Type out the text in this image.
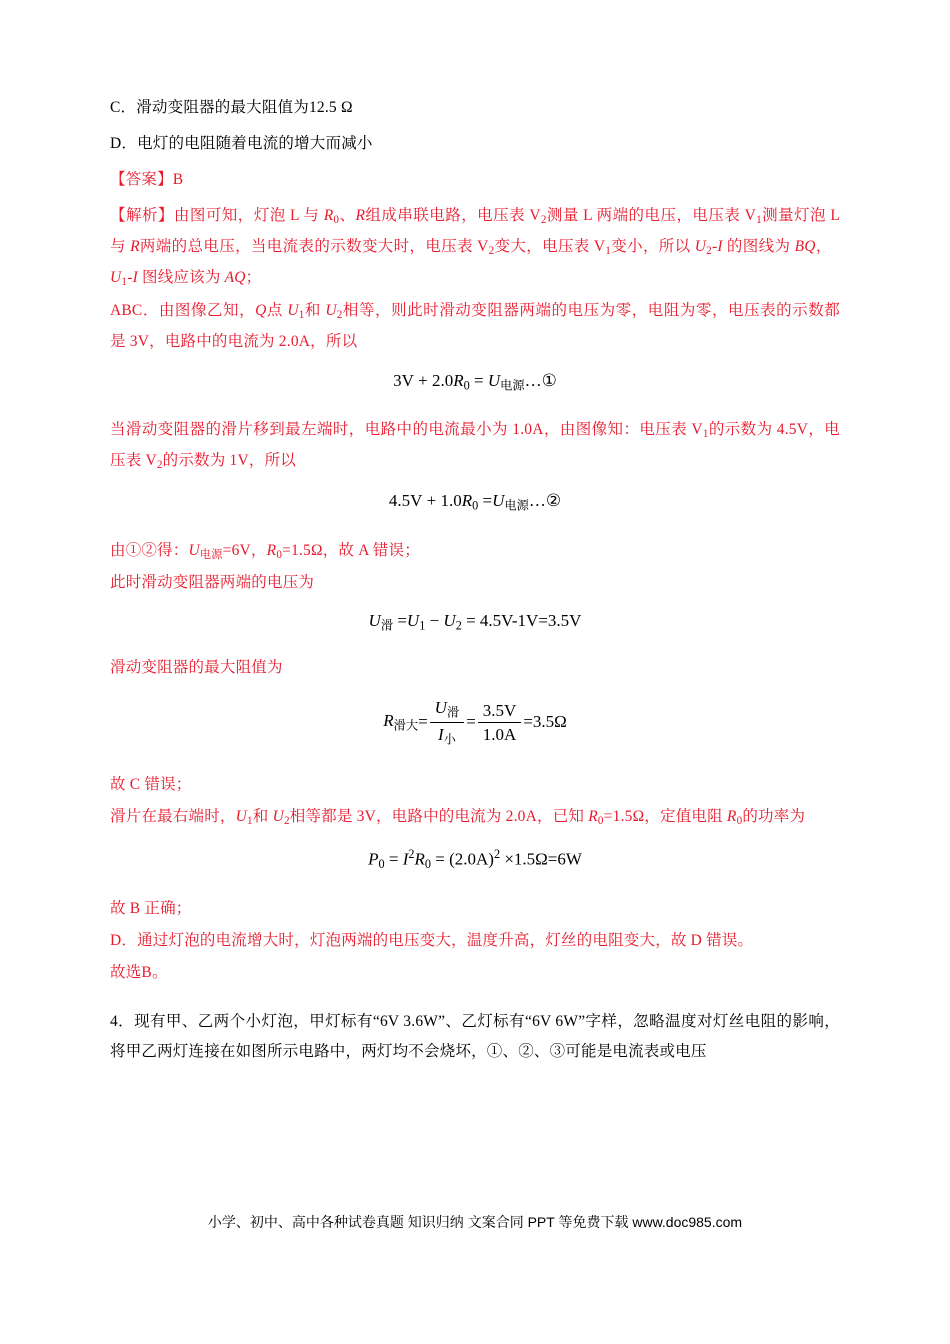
C．滑动变阻器的最大阻值为12.5 Ω
D．电灯的电阻随着电流的增大而减小
【答案】B
【解析】由图可知，灯泡 L 与 $R_0$、R组成串联电路，电压表 $V_2$测量 L 两端的电压，电压表 $V_1$测量灯泡 L 与 R两端的总电压，当电流表的示数变大时，电压表 $V_2$变大，电压表 $V_1$变小，所以 $U_2-I$ 的图线为 BQ，   $U_1-I$ 图线应该为 AQ；
ABC．由图像乙知，Q点 $U_1$和 $U_2$相等，则此时滑动变阻器两端的电压为零，电阻为零，电压表的示数都是 3V，电路中的电流为 2.0A，所以
$3V + 2.0R_0$ = $U_{电源}\dots ①$
当滑动变阻器的滑片移到最左端时，电路中的电流最小为 1.0A，由图像知：电压表 $V_1$的示数为 4.5V，电压表 $V_2$的示数为 1V，所以
$4.5V + 1.0R_0$ $=U_{电源}\dots ②$
由①②得：$U_{电源}=6V$，$R_0=1.5\Omega$，故 A 错误；
此时滑动变阻器两端的电压为
$U_滑 =U_1 - U_2 = 4.5V-1V=3.5V$
滑动变阻器的最大阻值为
$R_{滑大}= \frac{U_滑}{I_小} = \frac{3.5V}{1.0A} =3.5\Omega$
故 C 错误；
滑片在最右端时，$U_1$和 $U_2$相等都是 3V，电路中的电流为 2.0A，已知 $R_0=1.5\Omega$，定值电阻 $R_0$的功率为
$P_0 = I^2R_0 = (2.0A)^2 \times 1.5\Omega=6W$
故 B 正确；
D．通过灯泡的电流增大时，灯泡两端的电压变大，温度升高，灯丝的电阻变大，故 D 错误。
故选B。
4．现有甲、乙两个小灯泡，甲灯标有“6V 3.6W”、乙灯标有“6V 6W”字样，忽略温度对灯丝电阻的影响，将甲乙两灯连接在如图所示电路中，两灯均不会烧坏，①、②、③可能是电流表或电压
小学、初中、高中各种试卷真题 知识归纳 文案合同 PPT 等免费下载 www.doc985.com
